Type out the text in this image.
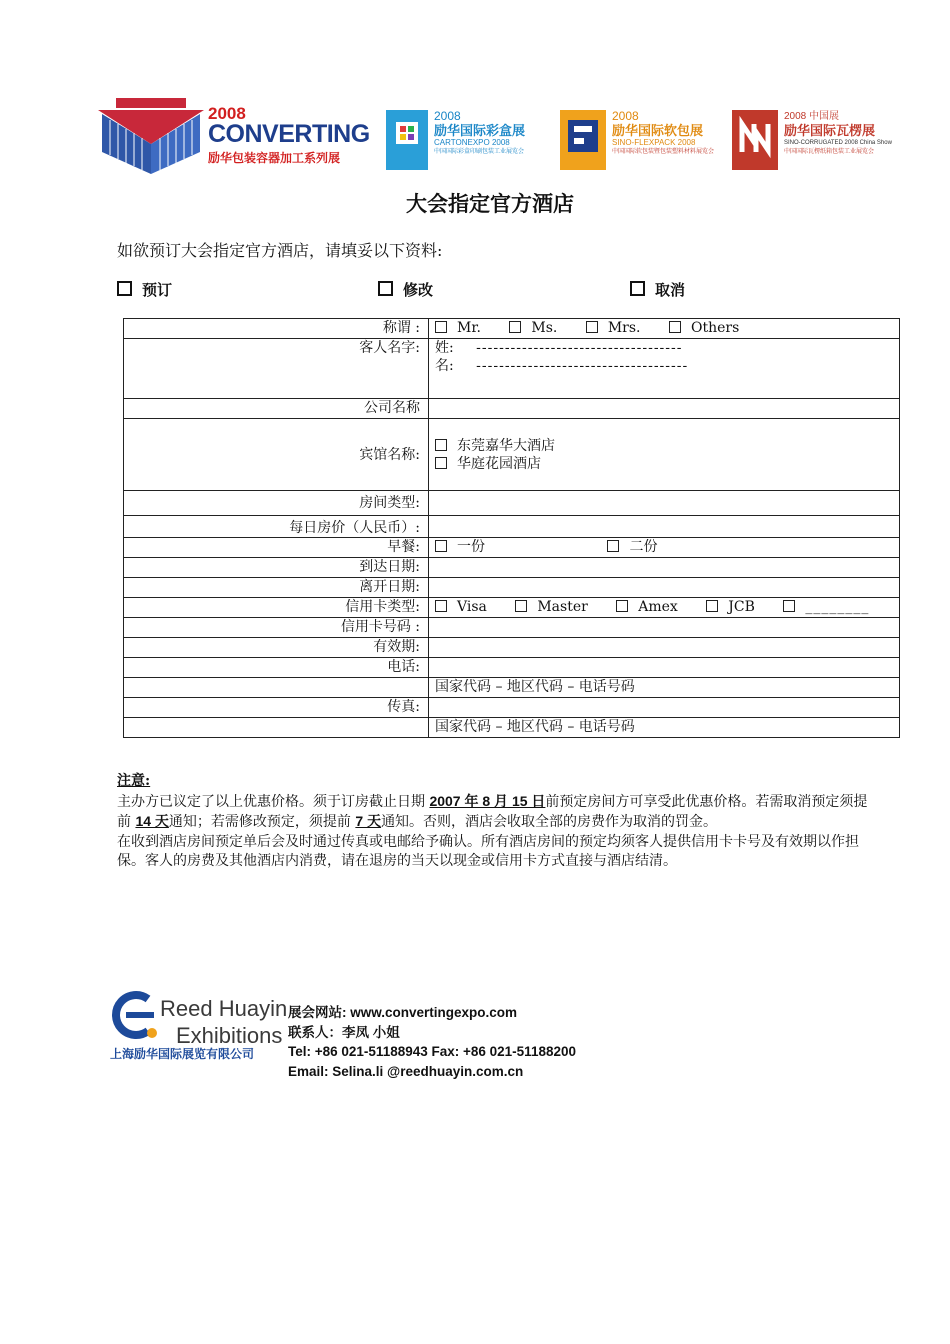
2008
CONVERTING
励华包装容器加工系列展
2008
励华国际彩盒展
CARTONEXPO 2008
中国国际彩盒印刷包装工业展览会
2008
励华国际软包展
SINO-FLEXPACK 2008
中国国际软包装暨包装塑料材料展览会
2008 中国展
励华国际瓦楞展
SINO-CORRUGATED 2008 China Show
中国国际瓦楞纸箱包装工业展览会
大会指定官方酒店
如欲预订大会指定官方酒店，请填妥以下资料:
预订	修改	取消
称谓 :	Mr. Ms. Mrs. Others
客人名字:	姓: ------------------------------------
名: -------------------------------------

公司名称	
宾馆名称:	东莞嘉华大酒店
华庭花园酒店

房间类型:	
每日房价（人民币）:	
早餐:	一份 二份
到达日期:	
离开日期:	
信用卡类型:	Visa Master Amex JCB ________
信用卡号码 :	
有效期:	
电话:	
	国家代码 – 地区代码 – 电话号码
传真:	
	国家代码 – 地区代码 – 电话号码
注意:
主办方已议定了以上优惠价格。须于订房截止日期 2007 年 8 月 15 日前预定房间方可享受此优惠价格。若需取消预定须提前 14 天通知；若需修改预定，须提前 7 天通知。否则，酒店会收取全部的房费作为取消的罚金。
在收到酒店房间预定单后会及时通过传真或电邮给予确认。所有酒店房间的预定均须客人提供信用卡卡号及有效期以作担保。客人的房费及其他酒店内消费，请在退房的当天以现金或信用卡方式直接与酒店结清。
Reed Huayin
Exhibitions
上海励华国际展览有限公司
展会网站: www.convertingexpo.com
联系人：李凤 小姐
Tel: +86 021-51188943 Fax: +86 021-51188200
Email: Selina.li @reedhuayin.com.cn
